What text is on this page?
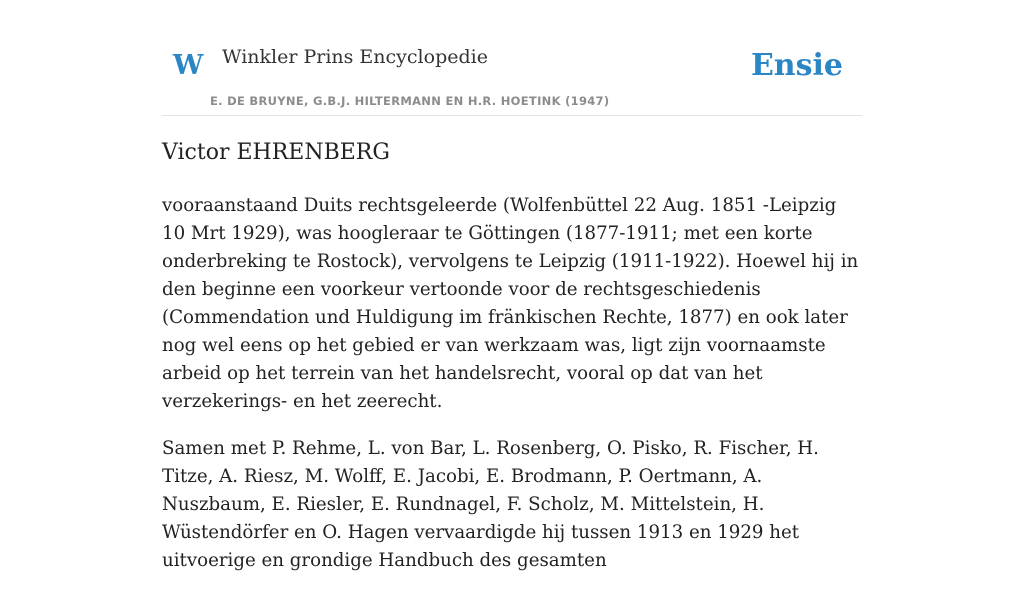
W Winkler Prins Encyclopedie
E. DE BRUYNE, G.B.J. HILTERMANN EN H.R. HOETINK (1947)
Ensie
Victor EHRENBERG

vooraanstaand Duits rechtsgeleerde (Wolfenbüttel 22 Aug. 1851 -Leipzig 10 Mrt 1929), was hoogleraar te Göttingen (1877-1911; met een korte onderbreking te Rostock), vervolgens te Leipzig (1911-1922). Hoewel hij in den beginne een voorkeur vertoonde voor de rechtsgeschiedenis (Commendation und Huldigung im fränkischen Rechte, 1877) en ook later nog wel eens op het gebied er van werkzaam was, ligt zijn voornaamste arbeid op het terrein van het handelsrecht, vooral op dat van het verzekerings- en het zeerecht.

Samen met P. Rehme, L. von Bar, L. Rosenberg, O. Pisko, R. Fischer, H. Titze, A. Riesz, M. Wolff, E. Jacobi, E. Brodmann, P. Oertmann, A. Nuszbaum, E. Riesler, E. Rundnagel, F. Scholz, M. Mittelstein, H. Wüstendörfer en O. Hagen vervaardigde hij tussen 1913 en 1929 het uitvoerige en grondige Handbuch des gesamten
